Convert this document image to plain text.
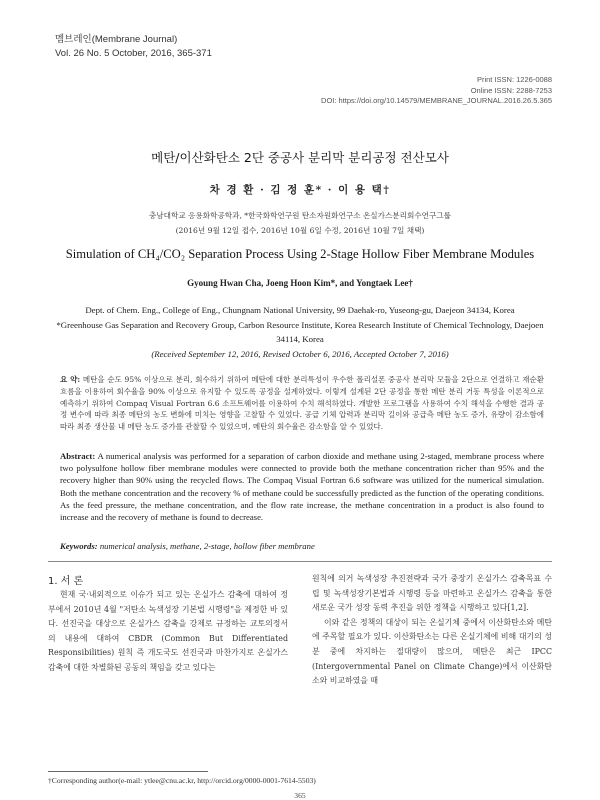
멤브레인(Membrane Journal)
Vol. 26 No. 5 October, 2016, 365-371
Print ISSN: 1226-0088
Online ISSN: 2288-7253
DOI: https://doi.org/10.14579/MEMBRANE_JOURNAL.2016.26.5.365
메탄/이산화탄소 2단 중공사 분리막 분리공정 전산모사
차 경 환 · 김 정 훈* · 이 용 택†
충남대학교 응용화학공학과, *한국화학연구원 탄소자원화연구소 온실가스분리회수연구그룹
(2016년 9월 12일 접수, 2016년 10월 6일 수정, 2016년 10월 7일 채택)
Simulation of CH₄/CO₂ Separation Process Using 2-Stage Hollow Fiber Membrane Modules
Gyoung Hwan Cha, Joeng Hoon Kim*, and Yongtaek Lee†
Dept. of Chem. Eng., College of Eng., Chungnam National University, 99 Daehak-ro, Yuseong-gu, Daejeon 34134, Korea
*Greenhouse Gas Separation and Recovery Group, Carbon Resource Institute, Korea Research Institute of Chemical Technology, Daejoen 34114, Korea
(Received September 12, 2016, Revised October 6, 2016, Accepted October 7, 2016)
요 약: 메탄을 순도 95% 이상으로 분리, 회수하기 위하여 메탄에 대한 분리특성이 우수한 폴리설폰 중공사 분리막 모듈을 2단으로 연결하고 재순환 흐름을 이용하여 회수율을 90% 이상으로 유지할 수 있도록 공정을 설계하였다. 이렇게 설계된 2단 공정을 통한 메탄 분리 거동 특성을 이론적으로 예측하기 위하여 Compaq Visual Fortran 6.6 소프트웨어를 이용하여 수치 해석하였다. 개발한 프로그램을 사용하여 수치 해석을 수행한 결과 공정 변수에 따라 최종 메탄의 농도 변화에 미치는 영향을 고찰할 수 있었다. 공급 기체 압력과 분리막 길이와 공급측 메탄 농도 증가, 유량이 감소함에 따라 최종 생산물 내 메탄 농도 증가를 관찰할 수 있었으며, 메탄의 회수율은 감소함을 알 수 있었다.
Abstract: A numerical analysis was performed for a separation of carbon dioxide and methane using 2-staged, membrane process where two polysulfone hollow fiber membrane modules were connected to provide both the methane concentration richer than 95% and the recovery higher than 90% using the recycled flows. The Compaq Visual Fortran 6.6 software was utilized for the numerical simulation. Both the methane concentration and the recovery % of methane could be successfully predicted as the function of the operating conditions. As the feed pressure, the methane concentration, and the flow rate increase, the methane concentration in a product is also found to increase and the recovery of methane is found to decrease.
Keywords: numerical analysis, methane, 2-stage, hollow fiber membrane
1. 서 론

현재 국·내외적으로 이슈가 되고 있는 온실가스 감축에 대하여 정부에서 2010년 4월 "저탄소 녹색성장 기본법 시행령"을 제정한 바 있다. 선진국을 대상으로 온실가스 감축을 강제로 규정하는 교토의정서의 내용에 대하여 CBDR (Common But Differentiated Responsibilities) 원칙 즉 개도국도 선진국과 마찬가지로 온실가스 감축에 대한 차별화된 공동의 책임을 갖고 있다는

원칙에 의거 녹색성장 추진전략과 국가 중장기 온실가스 감축목표 수립 및 녹색성장기본법과 시행령 등을 마련하고 온실가스 감축을 통한 새로운 국가 성장 동력 추진을 위한 정책을 시행하고 있다[1,2].

이와 같은 정책의 대상이 되는 온실기체 중에서 이산화탄소와 메탄에 주목할 필요가 있다. 이산화탄소는 다른 온실기체에 비해 대기의 성분 중에 차지하는 절대량이 많으며, 메탄은 최근 IPCC (Intergovernmental Panel on Climate Change)에서 이산화탄소와 비교하였을 때

†Corresponding author(e-mail: ytlee@cnu.ac.kr, http://orcid.org/0000-0001-7614-5503)
365
